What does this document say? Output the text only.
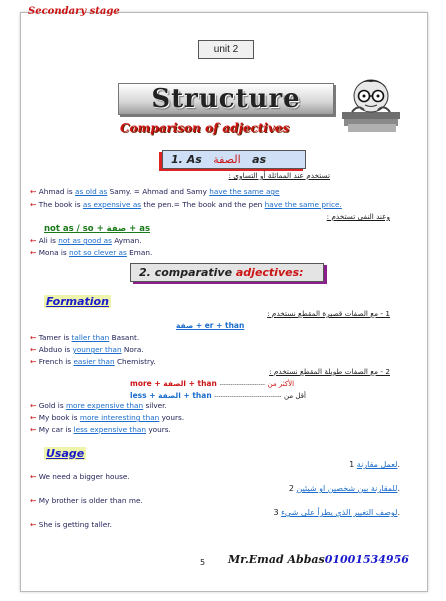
Secondary stage
unit 2
Structure
Comparison of adjectives
1. As الصفة as
تستخدم عند المماثلة أو التساوى :
⇜ Ahmad is as old as Samy. = Ahmad and Samy have the same age
⇜ The book is as expensive as the pen.= The book and the pen have the same price.
وعند النفى تستخدم :
not as / so + صفة + as
⇜ Ali is not as good as Ayman.
⇜ Mona is not so clever as Eman.
2. comparative adjectives:
Formation
1 - مع الصفات قصيرة المقطع نستخدم :
صفة + er + than
⇜ Tamer is taller than Basant.
⇜ Abduo is younger than Nora.
⇜ French is easier than Chemistry.
2 - مع الصفات طويلة المقطع نستخدم :
more + الصفة + than --------------------- الأكثر من
less + الصفة + than ------------------------------- أقل من
⇜ Gold is more expensive than silver.
⇜ My book is more interesting than yours.
⇜ My car is less expensive than yours.
Usage
لعمل مقارنة 1.
⇜ We need a bigger house.
للمقارنة بين شخصين او شيئين 2.
⇜ My brother is older than me.
لوصف التغيير الذي يطرأ على شيء 3.
⇜ She is getting taller.
5 Mr.Emad Abbas01001534956
